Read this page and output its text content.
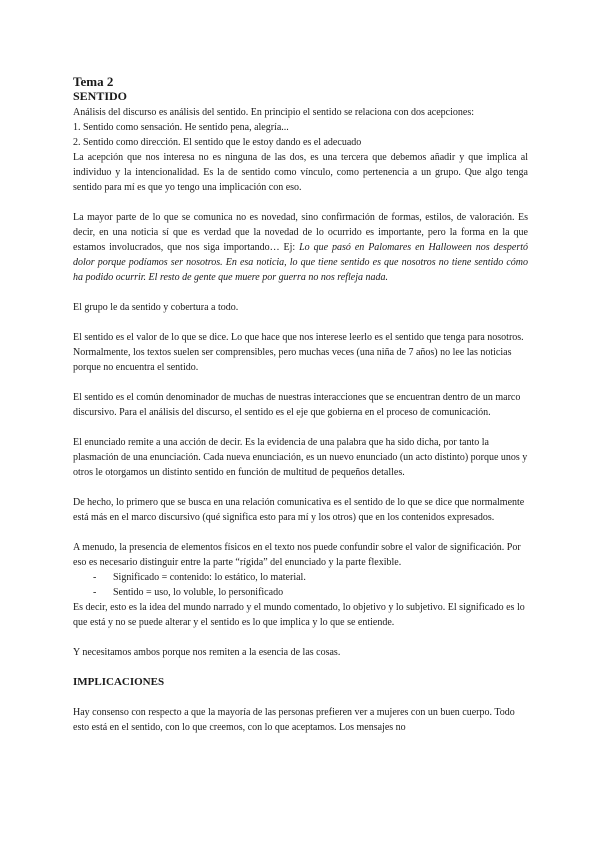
Tema 2

SENTIDO

Análisis del discurso es análisis del sentido. En principio el sentido se relaciona con dos acepciones:

1. Sentido como sensación. He sentido pena, alegría...

2. Sentido como dirección. El sentido que le estoy dando es el adecuado

La acepción que nos interesa no es ninguna de las dos, es una tercera que debemos añadir y que implica al individuo y la intencionalidad. Es la de sentido como vínculo, como pertenencia a un grupo. Que algo tenga sentido para mí es que yo tengo una implicación con eso.

La mayor parte de lo que se comunica no es novedad, sino confirmación de formas, estilos, de valoración. Es decir, en una noticia sí que es verdad que la novedad de lo ocurrido es importante, pero la forma en la que estamos involucrados, que nos siga importando… Ej: Lo que pasó en Palomares en Halloween nos despertó dolor porque podíamos ser nosotros. En esa noticia, lo que tiene sentido es que nosotros no tiene sentido cómo ha podido ocurrir. El resto de gente que muere por guerra no nos refleja nada.

El grupo le da sentido y cobertura a todo.

El sentido es el valor de lo que se dice. Lo que hace que nos interese leerlo es el sentido que tenga para nosotros. Normalmente, los textos suelen ser comprensibles, pero muchas veces (una niña de 7 años) no lee las noticias porque no encuentra el sentido.

El sentido es el común denominador de muchas de nuestras interacciones que se encuentran dentro de un marco discursivo. Para el análisis del discurso, el sentido es el eje que gobierna en el proceso de comunicación.

El enunciado remite a una acción de decir. Es la evidencia de una palabra que ha sido dicha, por tanto la plasmación de una enunciación. Cada nueva enunciación, es un nuevo enunciado (un acto distinto) porque unos y otros le otorgamos un distinto sentido en función de multitud de pequeños detalles.

De hecho, lo primero que se busca en una relación comunicativa es el sentido de lo que se dice que normalmente está más en el marco discursivo (qué significa esto para mí y los otros) que en los contenidos expresados.

A menudo, la presencia de elementos físicos en el texto nos puede confundir sobre el valor de significación. Por eso es necesario distinguir entre la parte “rígida” del enunciado y la parte flexible.

- Significado = contenido: lo estático, lo material.
- Sentido = uso, lo voluble, lo personificado

Es decir, esto es la idea del mundo narrado y el mundo comentado, lo objetivo y lo subjetivo. El significado es lo que está y no se puede alterar y el sentido es lo que implica y lo que se entiende.

Y necesitamos ambos porque nos remiten a la esencia de las cosas.

IMPLICACIONES

Hay consenso con respecto a que la mayoría de las personas prefieren ver a mujeres con un buen cuerpo. Todo esto está en el sentido, con lo que creemos, con lo que aceptamos. Los mensajes no
